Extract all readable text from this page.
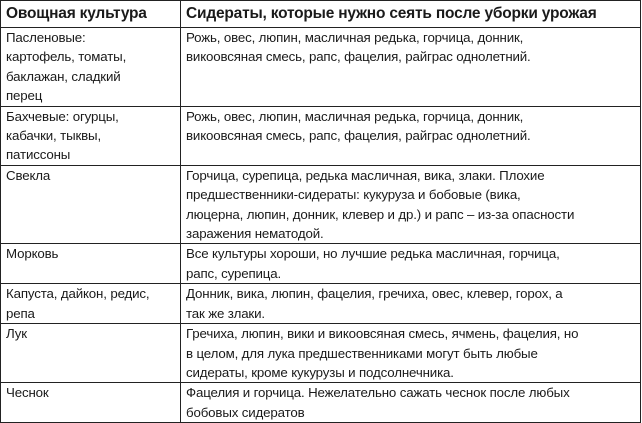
Овощная культура	Сидераты, которые нужно сеять после уборки урожая

Пасленовые:
картофель, томаты,
баклажан, сладкий
перец	Рожь, овес, люпин, масличная редька, горчица, донник,
викоовсяная смесь, рапс, фацелия, райграс однолетний.

Бахчевые: огурцы,
кабачки, тыквы,
патиссоны	Рожь, овес, люпин, масличная редька, горчица, донник,
викоовсяная смесь, рапс, фацелия, райграс однолетний.

Свекла	Горчица, сурепица, редька масличная, вика, злаки. Плохие
предшественники-сидераты: кукуруза и бобовые (вика,
люцерна, люпин, донник, клевер и др.) и рапс – из-за опасности
заражения нематодой.

Морковь	Все культуры хороши, но лучшие редька масличная, горчица,
рапс, сурепица.

Капуста, дайкон, редис,
репа	Донник, вика, люпин, фацелия, гречиха, овес, клевер, горох, а
так же злаки.

Лук	Гречиха, люпин, вики и викоовсяная смесь, ячмень, фацелия, но
в целом, для лука предшественниками могут быть любые
сидераты, кроме кукурузы и подсолнечника.

Чеснок	Фацелия и горчица. Нежелательно сажать чеснок после любых
бобовых сидератов
